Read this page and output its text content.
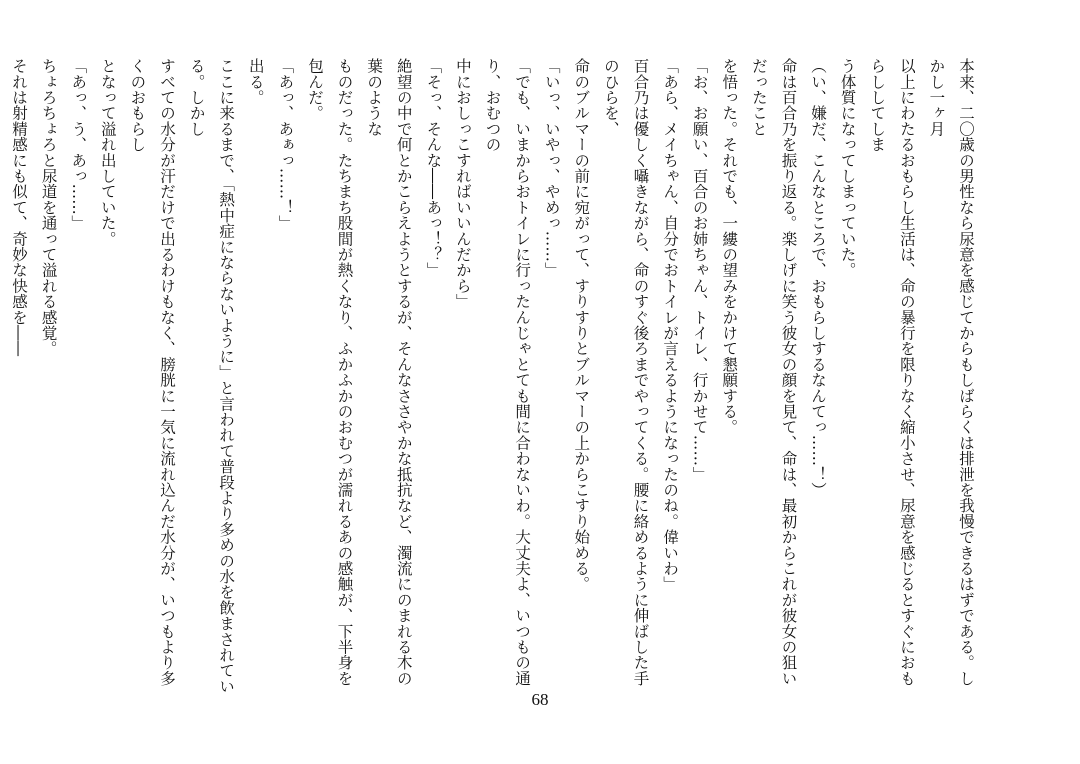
本来、二〇歳の男性なら尿意を感じてからもしばらくは排泄を我慢できるはずである。しかし一ヶ月

以上にわたるおもらし生活は、命の暴行を限りなく縮小させ、尿意を感じるとすぐにおもらししてしま

う体質になってしまっていた。

（い、嫌だ、こんなところで、おもらしするなんてっ……！）

命は百合乃を振り返る。楽しげに笑う彼女の顔を見て、命は、最初からこれが彼女の狙いだったこと

を悟った。それでも、一縷の望みをかけて懇願する。

「お、お願い、百合のお姉ちゃん、トイレ、行かせて……」

「あら、メイちゃん、自分でおトイレが言えるようになったのね。偉いわ」

百合乃は優しく囁きながら、命のすぐ後ろまでやってくる。腰に絡めるように伸ばした手のひらを、

命のブルマーの前に宛がって、すりすりとブルマーの上からこすり始める。

「いっ、いやっ、やめっ……」

「でも、いまからおトイレに行ったんじゃとても間に合わないわ。大丈夫よ、いつもの通り、おむつの

中におしっこすればいいんだから」

「そっ、そんな――あっ！？」

絶望の中で何とかこらえようとするが、そんなささやかな抵抗など、濁流にのまれる木の葉のような

ものだった。たちまち股間が熱くなり、ふかふかのおむつが濡れるあの感触が、下半身を包んだ。

「あっ、あぁっ……！」

出る。

ここに来るまで、「熱中症にならないように」と言われて普段より多めの水を飲まされている。しかし

すべての水分が汗だけで出るわけもなく、膀胱に一気に流れ込んだ水分が、いつもより多くのおもらし

となって溢れ出していた。

「あっ、う、あっ……」

ちょろちょろと尿道を通って溢れる感覚。

それは射精感にも似て、奇妙な快感を――

68
